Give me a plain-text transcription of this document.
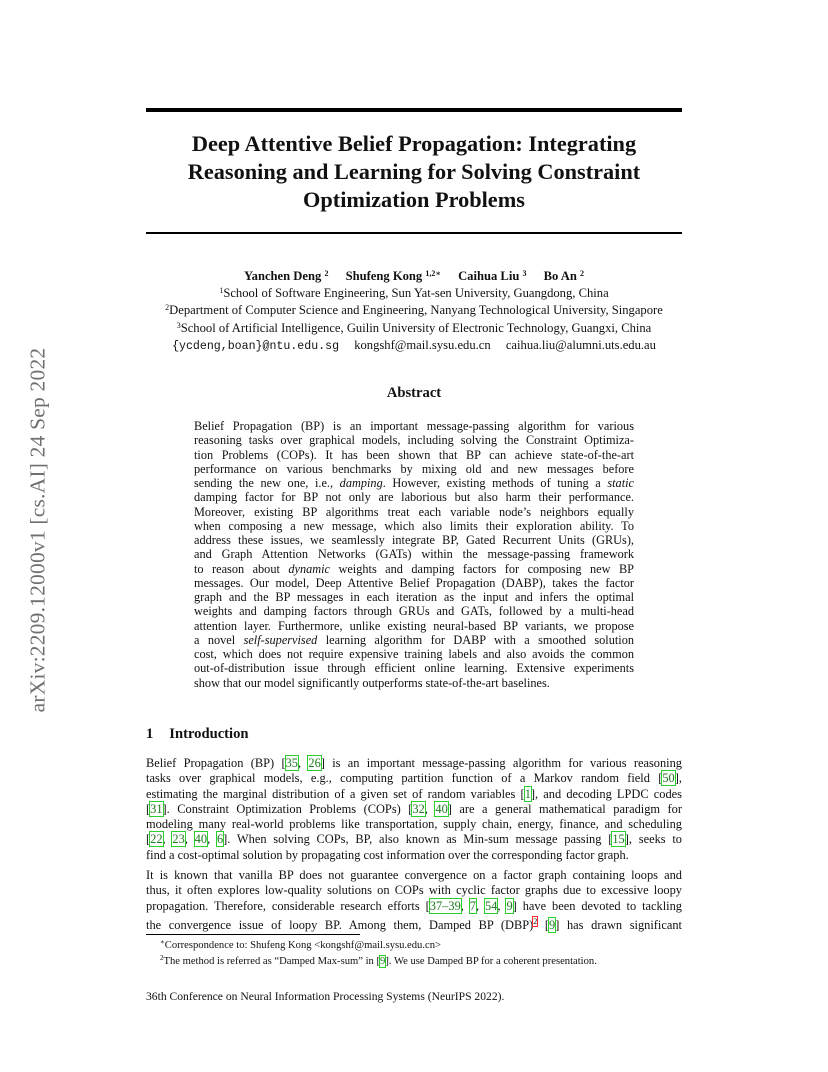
arXiv:2209.12000v1 [cs.AI] 24 Sep 2022
Deep Attentive Belief Propagation: Integrating
Reasoning and Learning for Solving Constraint
Optimization Problems
Yanchen Deng $^2$ Shufeng Kong $^{1,2∗}$ Caihua Liu $^3$ Bo An $^2$
$^1$School of Software Engineering, Sun Yat-sen University, Guangdong, China
$^2$Department of Computer Science and Engineering, Nanyang Technological University, Singapore
$^3$School of Artificial Intelligence, Guilin University of Electronic Technology, Guangxi, China
{ycdeng,boan}@ntu.edu.sg kongshf@mail.sysu.edu.cn caihua.liu@alumni.uts.edu.au
Abstract
Belief Propagation (BP) is an important message-passing algorithm for various
reasoning tasks over graphical models, including solving the Constraint Optimiza-
tion Problems (COPs). It has been shown that BP can achieve state-of-the-art
performance on various benchmarks by mixing old and new messages before
sending the new one, i.e., damping. However, existing methods of tuning a static
damping factor for BP not only are laborious but also harm their performance.
Moreover, existing BP algorithms treat each variable node’s neighbors equally
when composing a new message, which also limits their exploration ability. To
address these issues, we seamlessly integrate BP, Gated Recurrent Units (GRUs),
and Graph Attention Networks (GATs) within the message-passing framework
to reason about dynamic weights and damping factors for composing new BP
messages. Our model, Deep Attentive Belief Propagation (DABP), takes the factor
graph and the BP messages in each iteration as the input and infers the optimal
weights and damping factors through GRUs and GATs, followed by a multi-head
attention layer. Furthermore, unlike existing neural-based BP variants, we propose
a novel self-supervised learning algorithm for DABP with a smoothed solution
cost, which does not require expensive training labels and also avoids the common
out-of-distribution issue through efficient online learning. Extensive experiments
show that our model significantly outperforms state-of-the-art baselines.
1 Introduction
Belief Propagation (BP) [35, 26] is an important message-passing algorithm for various reasoning
tasks over graphical models, e.g., computing partition function of a Markov random field [50],
estimating the marginal distribution of a given set of random variables [1], and decoding LPDC codes
[31]. Constraint Optimization Problems (COPs) [32, 40] are a general mathematical paradigm for
modeling many real-world problems like transportation, supply chain, energy, finance, and scheduling
[22, 23, 40, 6]. When solving COPs, BP, also known as Min-sum message passing [15], seeks to
find a cost-optimal solution by propagating cost information over the corresponding factor graph.
It is known that vanilla BP does not guarantee convergence on a factor graph containing loops and
thus, it often explores low-quality solutions on COPs with cyclic factor graphs due to excessive loopy
propagation. Therefore, considerable research efforts [37–39, 7, 54, 9] have been devoted to tackling
the convergence issue of loopy BP. Among them, Damped BP (DBP)$^2$ [9] has drawn significant
∗Correspondence to: Shufeng Kong <kongshf@mail.sysu.edu.cn>
$^2$The method is referred as “Damped Max-sum” in [9]. We use Damped BP for a coherent presentation.
36th Conference on Neural Information Processing Systems (NeurIPS 2022).
